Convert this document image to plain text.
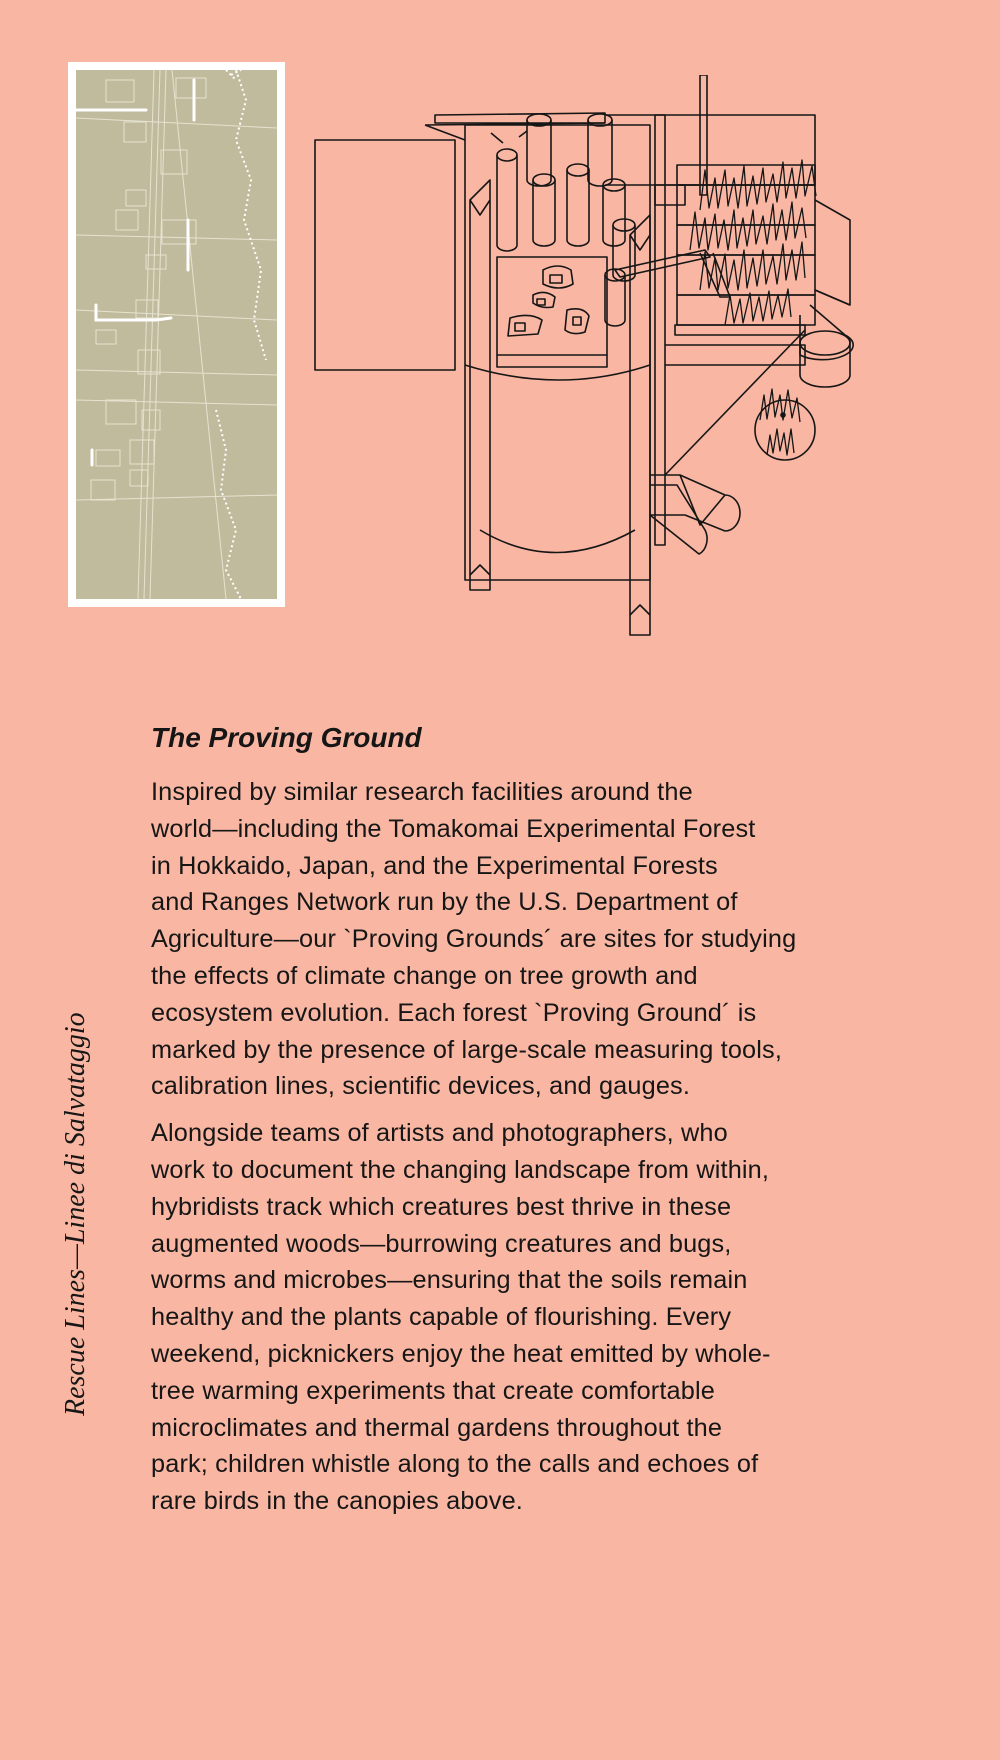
Rescue Lines—Linee di Salvataggio
The Proving Ground

Inspired by similar research facilities around the
world—including the Tomakomai Experimental Forest
in Hokkaido, Japan, and the Experimental Forests
and Ranges Network run by the U.S. Department of
Agriculture—our `Proving Grounds´ are sites for studying
the effects of climate change on tree growth and
ecosystem evolution. Each forest `Proving Ground´ is
marked by the presence of large-scale measuring tools,
calibration lines, scientific devices, and gauges.

Alongside teams of artists and photographers, who
work to document the changing landscape from within,
hybridists track which creatures best thrive in these
augmented woods—burrowing creatures and bugs,
worms and microbes—ensuring that the soils remain
healthy and the plants capable of flourishing. Every
weekend, picknickers enjoy the heat emitted by whole-
tree warming experiments that create comfortable
microclimates and thermal gardens throughout the
park; children whistle along to the calls and echoes of
rare birds in the canopies above.
